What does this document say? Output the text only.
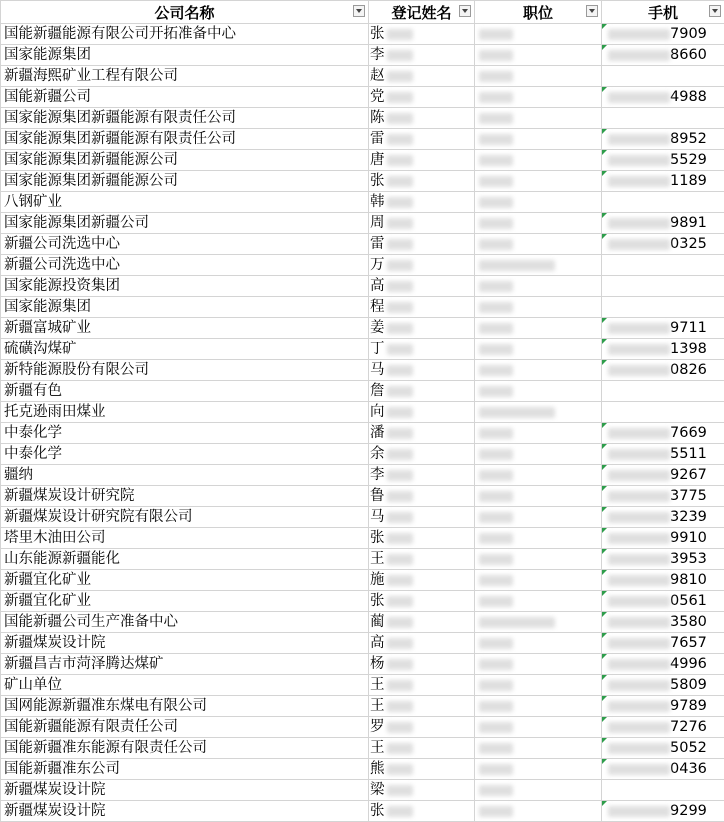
公司名称	登记姓名	职位	手机

国能新疆能源有限公司开拓准备中心	张		7909

国家能源集团	李		8660

新疆海熙矿业工程有限公司	赵		
国能新疆公司	党		4988

国家能源集团新疆能源有限责任公司	陈		
国家能源集团新疆能源有限责任公司	雷		8952

国家能源集团新疆能源公司	唐		5529

国家能源集团新疆能源公司	张		1189

八钢矿业	韩		
国家能源集团新疆公司	周		9891

新疆公司洗选中心	雷		0325

新疆公司洗选中心	万		
国家能源投资集团	高		
国家能源集团	程		
新疆富城矿业	姜		9711

硫磺沟煤矿	丁		1398

新特能源股份有限公司	马		0826

新疆有色	詹		
托克逊雨田煤业	向		
中泰化学	潘		7669

中泰化学	余		5511

疆纳	李		9267

新疆煤炭设计研究院	鲁		3775

新疆煤炭设计研究院有限公司	马		3239

塔里木油田公司	张		9910

山东能源新疆能化	王		3953

新疆宜化矿业	施		9810

新疆宜化矿业	张		0561

国能新疆公司生产准备中心	蔺		3580

新疆煤炭设计院	高		7657

新疆昌吉市菏泽腾达煤矿	杨		4996

矿山单位	王		5809

国网能源新疆准东煤电有限公司	王		9789

国能新疆能源有限责任公司	罗		7276

国能新疆准东能源有限责任公司	王		5052

国能新疆准东公司	熊		0436

新疆煤炭设计院	梁		
新疆煤炭设计院	张		9299
